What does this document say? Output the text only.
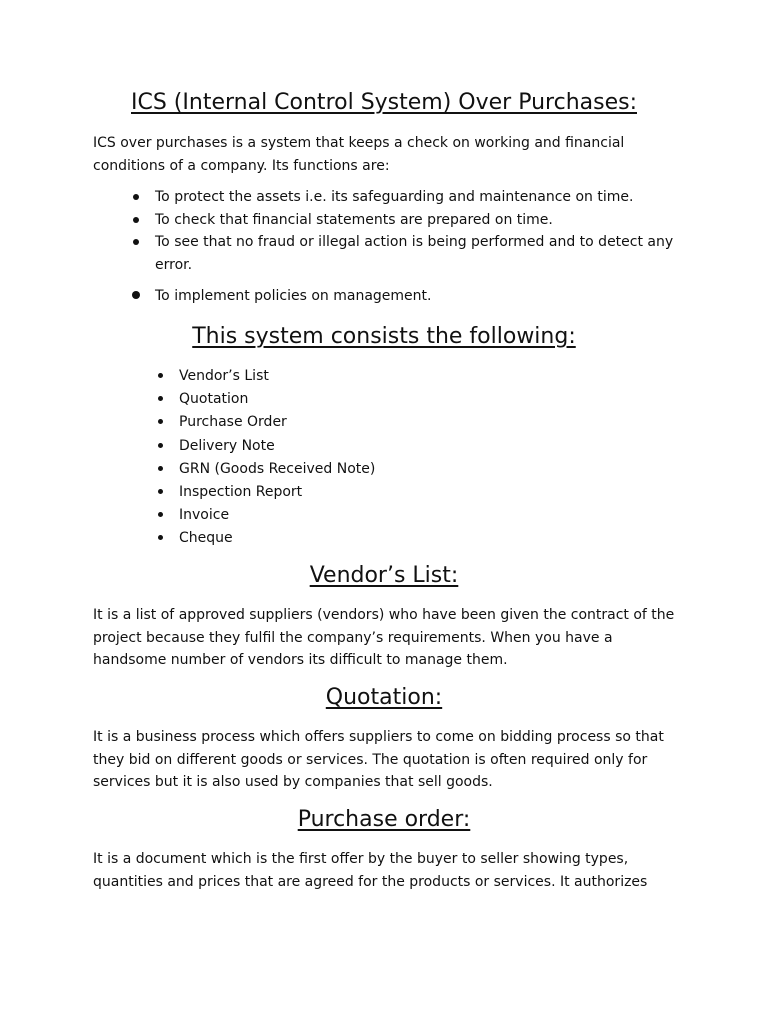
ICS (Internal Control System) Over Purchases:

ICS over purchases is a system that keeps a check on working and financial conditions of a company. Its functions are:

To protect the assets i.e. its safeguarding and maintenance on time.
To check that financial statements are prepared on time.
To see that no fraud or illegal action is being performed and to detect any error.
To implement policies on management.
This system consists the following:
Vendor’s List
Quotation
Purchase Order
Delivery Note
GRN (Goods Received Note)
Inspection Report
Invoice
Cheque
Vendor’s List:

It is a list of approved suppliers (vendors) who have been given the contract of the project because they fulfil the company’s requirements. When you have a handsome number of vendors its difficult to manage them.

Quotation:

It is a business process which offers suppliers to come on bidding process so that they bid on different goods or services. The quotation is often required only for services but it is also used by companies that sell goods.

Purchase order:

It is a document which is the first offer by the buyer to seller showing types, quantities and prices that are agreed for the products or services. It authorizes
